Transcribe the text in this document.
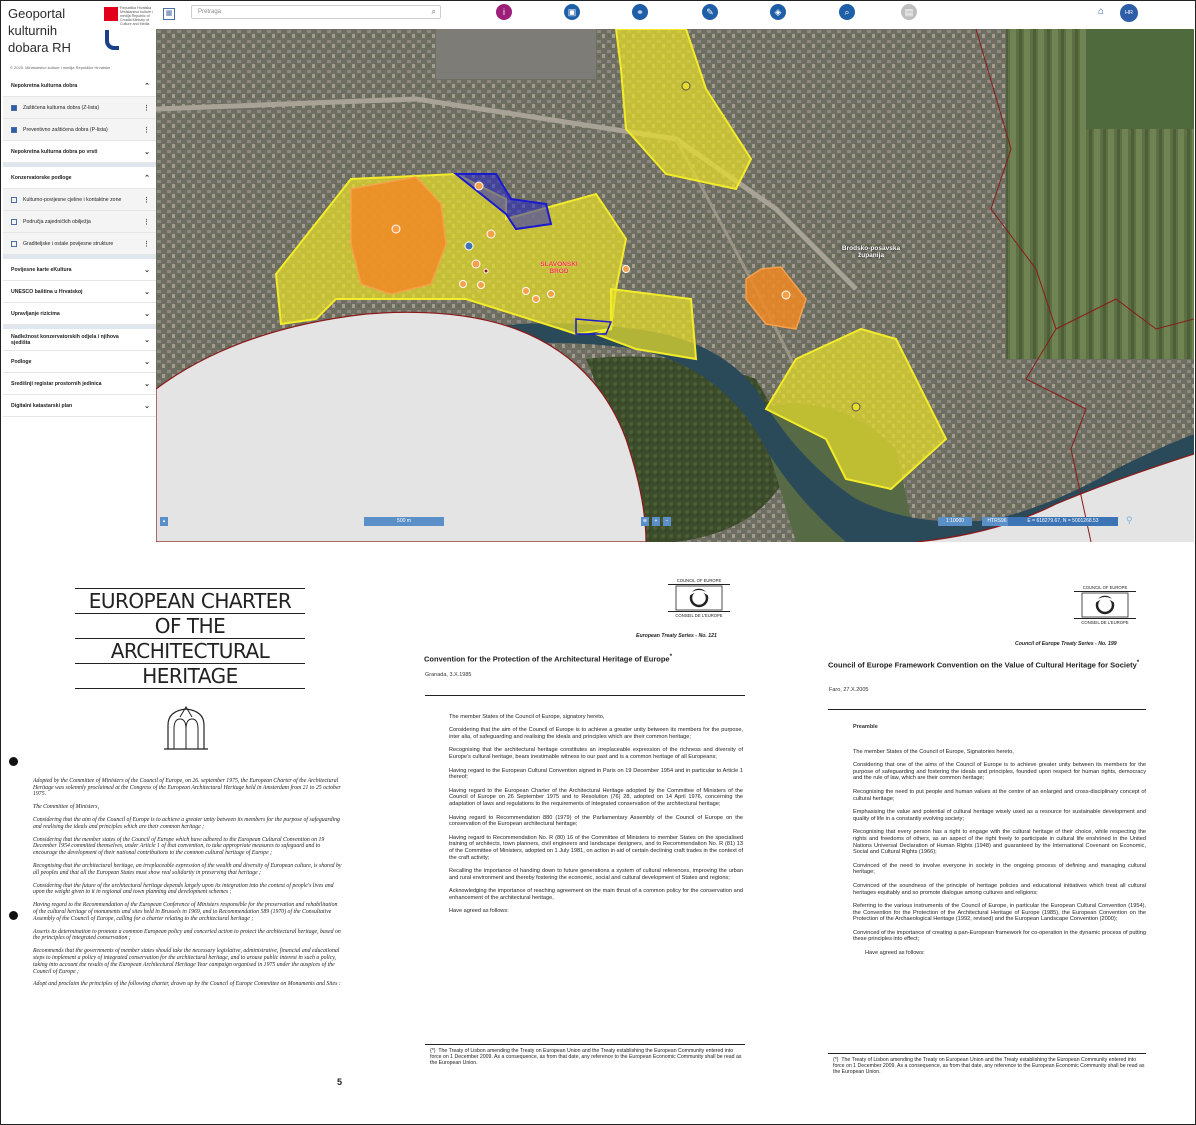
Geoportal kulturnih dobara RH
Republika Hrvatska Ministarstvo kulture i medija Republic of Croatia Ministry of Culture and Media
© 2025. Ministarstvo kulture i medija Republike Hrvatske
Nepokretna kulturna dobra	⌃
Zaštićena kulturna dobra (Z-lista)	⋮
Preventivno zaštićena dobra (P-lista)	⋮
Nepokretna kulturna dobra po vrsti	⌄
Konzervatorske podloge	⌃
Kulturno-povijesne cjeline i kontaktne zone	⋮
Područja zajedničkih obilježja	⋮
Graditeljske i ostale povijesne strukture	⋮
Povijesne karte eKultura	⌄
UNESCO baština u Hrvatskoj	⌄
Upravljanje rizicima	⌄
Nadležnost konzervatorskih odjela i njihova sjedišta	⌄
Podloge	⌄
Središnji registar prostornih jedinica	⌄
Digitalni katastarski plan	⌄
▦	Pretraga	⌕	i	▣	⚭	✎	◈	⌕	▤	⌂	HR
SLAVONSKI BROD
Brodsko-posavska županija
▴	500 m	⊕	+	−	1:10000	HTRS96	E = 618279.67, N = 5001268.53	⚲
EUROPEAN CHARTER
OF THE
ARCHITECTURAL
HERITAGE

Adopted by the Committee of Ministers of the Council of Europe, on 26. september 1975, the European Charter of the Architectural Heritage was solemnly proclaimed at the Congress of the European Architectural Heritage held in Amsterdam from 21 to 25 october 1975.

The Committee of Ministers,

Considering that the aim of the Council of Europe is to achieve a greater unity between its members for the purpose of safeguarding and realising the ideals and principles which are their common heritage ;

Considering that the member states of the Council of Europe which have adhered to the European Cultural Convention on 19 December 1954 committed themselves, under Article 1 of that convention, to take appropriate measures to safeguard and to encourage the development of their national contributions to the common cultural heritage of Europe ;

Recognising that the architectural heritage, an irreplaceable expression of the wealth and diversity of European culture, is shared by all peoples and that all the European States must show real solidarity in preserving that heritage ;

Considering that the future of the architectural heritage depends largely upon its integration into the context of people's lives and upon the weight given to it in regional and town planning and development schemes ;

Having regard to the Recommendation of the European Conference of Ministers responsible for the preservation and rehabilitation of the cultural heritage of monuments and sites held in Brussels in 1969, and to Recommendation 589 (1970) of the Consultative Assembly of the Council of Europe, calling for a charter relating to the architectural heritage ;

Asserts its determination to promote a common European policy and concerted action to protect the architectural heritage, based on the principles of integrated conservation ;

Recommends that the governments of member states should take the necessary legislative, administrative, financial and educational steps to implement a policy of integrated conservation for the architectural heritage, and to arouse public interest in such a policy, taking into account the results of the European Architectural Heritage Year campaign organised in 1975 under the auspices of the Council of Europe ;

Adopt and proclaim the principles of the following charter, drawn up by the Council of Europe Committee on Monuments and Sites :

5
COUNCIL OF EUROPE
CONSEIL DE L'EUROPE
European Treaty Series - No. 121
Convention for the Protection of the Architectural Heritage of Europe*
Granada, 3.X.1985

The member States of the Council of Europe, signatory hereto,

Considering that the aim of the Council of Europe is to achieve a greater unity between its members for the purpose, inter alia, of safeguarding and realising the ideals and principles which are their common heritage;

Recognising that the architectural heritage constitutes an irreplaceable expression of the richness and diversity of Europe's cultural heritage, bears inestimable witness to our past and is a common heritage of all Europeans;

Having regard to the European Cultural Convention signed in Paris on 19 December 1954 and in particular to Article 1 thereof;

Having regard to the European Charter of the Architectural Heritage adopted by the Committee of Ministers of the Council of Europe on 26 September 1975 and to Resolution (76) 28, adopted on 14 April 1976, concerning the adaptation of laws and regulations to the requirements of integrated conservation of the architectural heritage;

Having regard to Recommendation 880 (1979) of the Parliamentary Assembly of the Council of Europe on the conservation of the European architectural heritage;

Having regard to Recommendation No. R (80) 16 of the Committee of Ministers to member States on the specialised training of architects, town planners, civil engineers and landscape designers, and to Recommendation No. R (81) 13 of the Committee of Ministers, adopted on 1 July 1981, on action in aid of certain declining craft trades in the context of the craft activity;

Recalling the importance of handing down to future generations a system of cultural references, improving the urban and rural environment and thereby fostering the economic, social and cultural development of States and regions;

Acknowledging the importance of reaching agreement on the main thrust of a common policy for the conservation and enhancement of the architectural heritage,

Have agreed as follows:

(*) The Treaty of Lisbon amending the Treaty on European Union and the Treaty establishing the European Community entered into force on 1 December 2009. As a consequence, as from that date, any reference to the European Economic Community shall be read as the European Union.
COUNCIL OF EUROPE
CONSEIL DE L'EUROPE
Council of Europe Treaty Series - No. 199
Council of Europe Framework Convention on the Value of Cultural Heritage for Society*
Faro, 27.X.2005
Preamble

The member States of the Council of Europe, Signatories hereto,

Considering that one of the aims of the Council of Europe is to achieve greater unity between its members for the purpose of safeguarding and fostering the ideals and principles, founded upon respect for human rights, democracy and the rule of law, which are their common heritage;

Recognising the need to put people and human values at the centre of an enlarged and cross-disciplinary concept of cultural heritage;

Emphasising the value and potential of cultural heritage wisely used as a resource for sustainable development and quality of life in a constantly evolving society;

Recognising that every person has a right to engage with the cultural heritage of their choice, while respecting the rights and freedoms of others, as an aspect of the right freely to participate in cultural life enshrined in the United Nations Universal Declaration of Human Rights (1948) and guaranteed by the International Covenant on Economic, Social and Cultural Rights (1966);

Convinced of the need to involve everyone in society in the ongoing process of defining and managing cultural heritage;

Convinced of the soundness of the principle of heritage policies and educational initiatives which treat all cultural heritages equitably and so promote dialogue among cultures and religions;

Referring to the various instruments of the Council of Europe, in particular the European Cultural Convention (1954), the Convention for the Protection of the Architectural Heritage of Europe (1985), the European Convention on the Protection of the Archaeological Heritage (1992, revised) and the European Landscape Convention (2000);

Convinced of the importance of creating a pan-European framework for co-operation in the dynamic process of putting these principles into effect;

Have agreed as follows:

(*) The Treaty of Lisbon amending the Treaty on European Union and the Treaty establishing the European Community entered into force on 1 December 2009. As a consequence, as from that date, any reference to the European Economic Community shall be read as the European Union.
